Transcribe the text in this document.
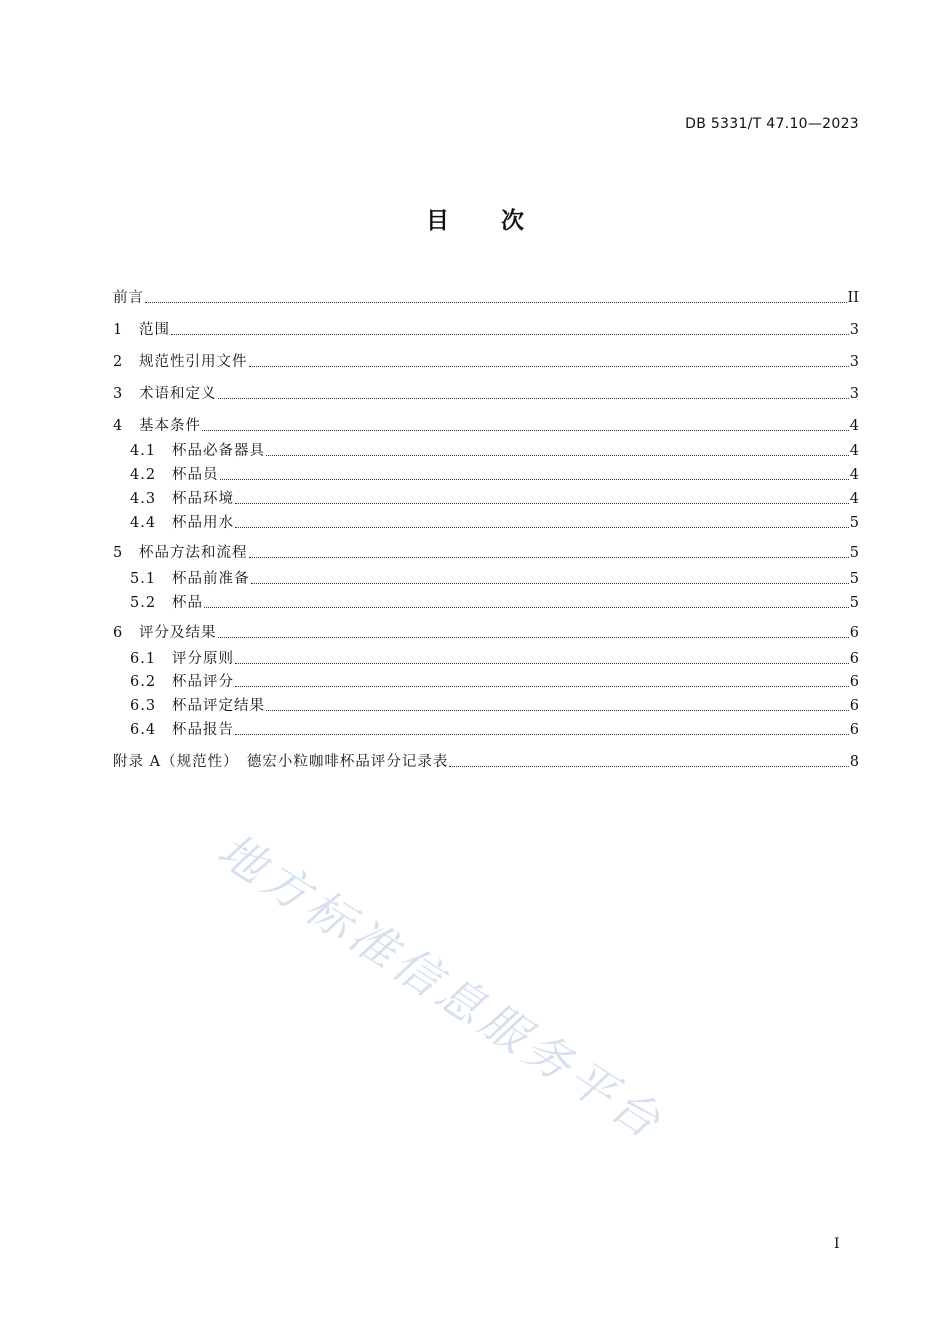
DB 5331/T 47.10—2023
目 次
前言	II
1	范围	3
2	规范性引用文件	3
3	术语和定义	3
4	基本条件	4
4.1	杯品必备器具	4
4.2	杯品员	4
4.3	杯品环境	4
4.4	杯品用水	5
5	杯品方法和流程	5
5.1	杯品前准备	5
5.2	杯品	5
6	评分及结果	6
6.1	评分原则	6
6.2	杯品评分	6
6.3	杯品评定结果	6
6.4	杯品报告	6
附录 A（规范性）　德宏小粒咖啡杯品评分记录表	8
地方标准信息服务平台
I
